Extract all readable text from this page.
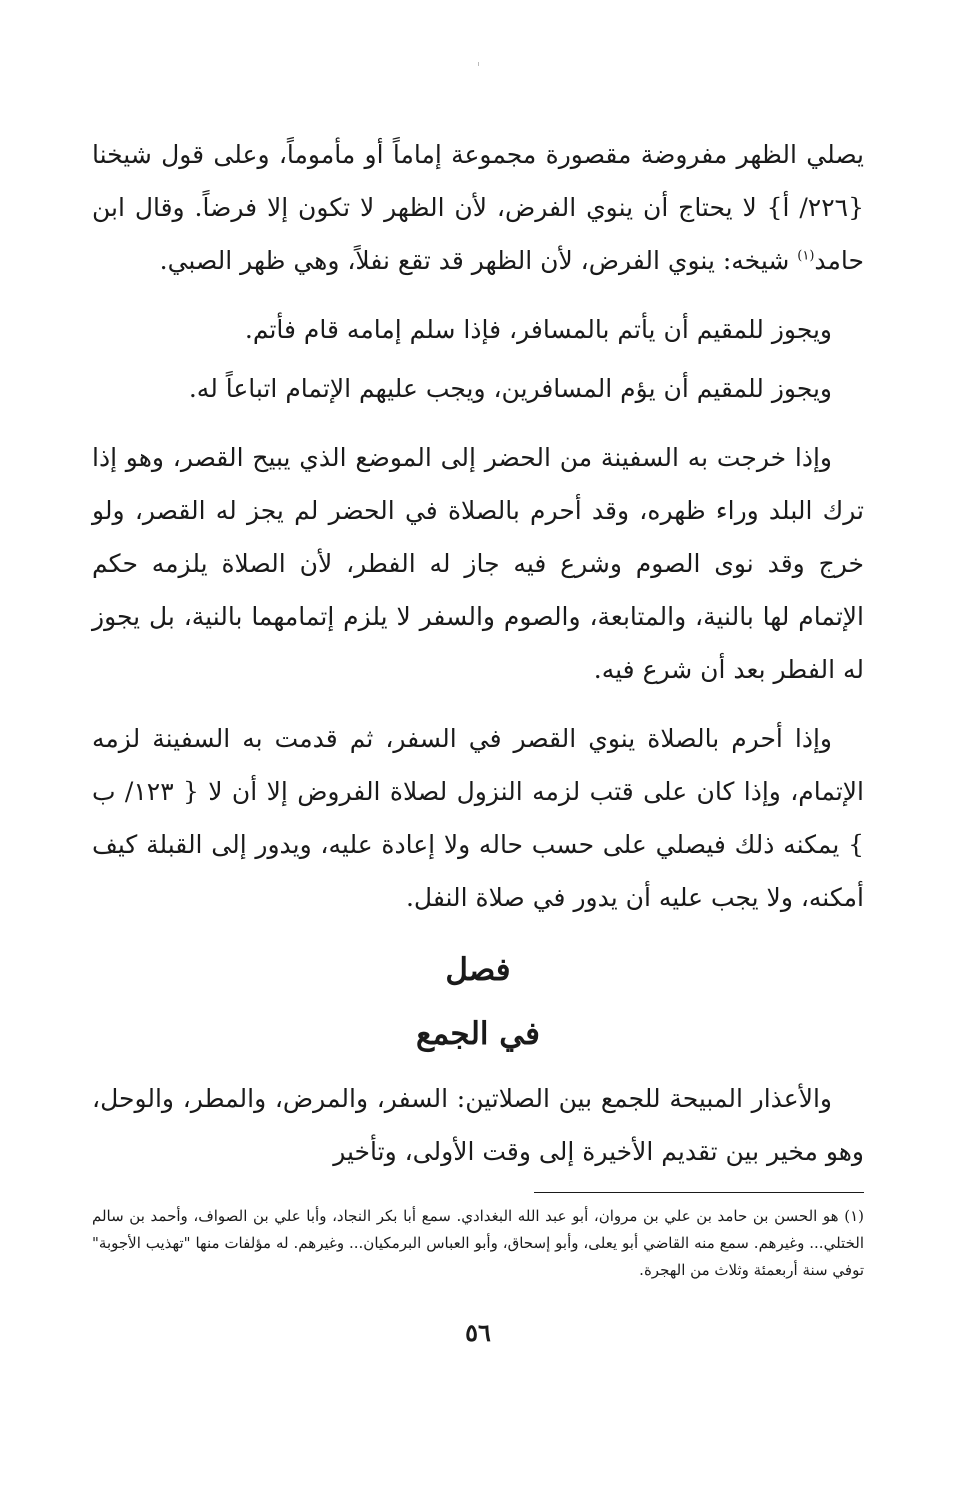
يصلي الظهر مفروضة مقصورة مجموعة إماماً أو مأموماً، وعلى قول شيخنا {٢٢٦/ أ} لا يحتاج أن ينوي الفرض، لأن الظهر لا تكون إلا فرضاً. وقال ابن حامد$^{(١)}$ شيخه: ينوي الفرض، لأن الظهر قد تقع نفلاً، وهي ظهر الصبي.

ويجوز للمقيم أن يأتم بالمسافر، فإذا سلم إمامه قام فأتم.

ويجوز للمقيم أن يؤم المسافرين، ويجب عليهم الإتمام اتباعاً له.

وإذا خرجت به السفينة من الحضر إلى الموضع الذي يبيح القصر، وهو إذا ترك البلد وراء ظهره، وقد أحرم بالصلاة في الحضر لم يجز له القصر، ولو خرج وقد نوى الصوم وشرع فيه جاز له الفطر، لأن الصلاة يلزمه حكم الإتمام لها بالنية، والمتابعة، والصوم والسفر لا يلزم إتمامهما بالنية، بل يجوز له الفطر بعد أن شرع فيه.

وإذا أحرم بالصلاة ينوي القصر في السفر، ثم قدمت به السفينة لزمه الإتمام، وإذا كان على قتب لزمه النزول لصلاة الفروض إلا أن لا { ١٢٣/ ب } يمكنه ذلك فيصلي على حسب حاله ولا إعادة عليه، ويدور إلى القبلة كيف أمكنه، ولا يجب عليه أن يدور في صلاة النفل.

فصل
في الجمع

والأعذار المبيحة للجمع بين الصلاتين: السفر، والمرض، والمطر، والوحل، وهو مخير بين تقديم الأخيرة إلى وقت الأولى، وتأخير

(١) هو الحسن بن حامد بن علي بن مروان، أبو عبد الله البغدادي. سمع أبا بكر النجاد، وأبا علي بن الصواف، وأحمد بن سالم الختلي... وغيرهم. سمع منه القاضي أبو يعلى، وأبو إسحاق، وأبو العباس البرمكيان... وغيرهم. له مؤلفات منها "تهذيب الأجوبة" توفي سنة أربعمئة وثلاث من الهجرة.
٥٦
